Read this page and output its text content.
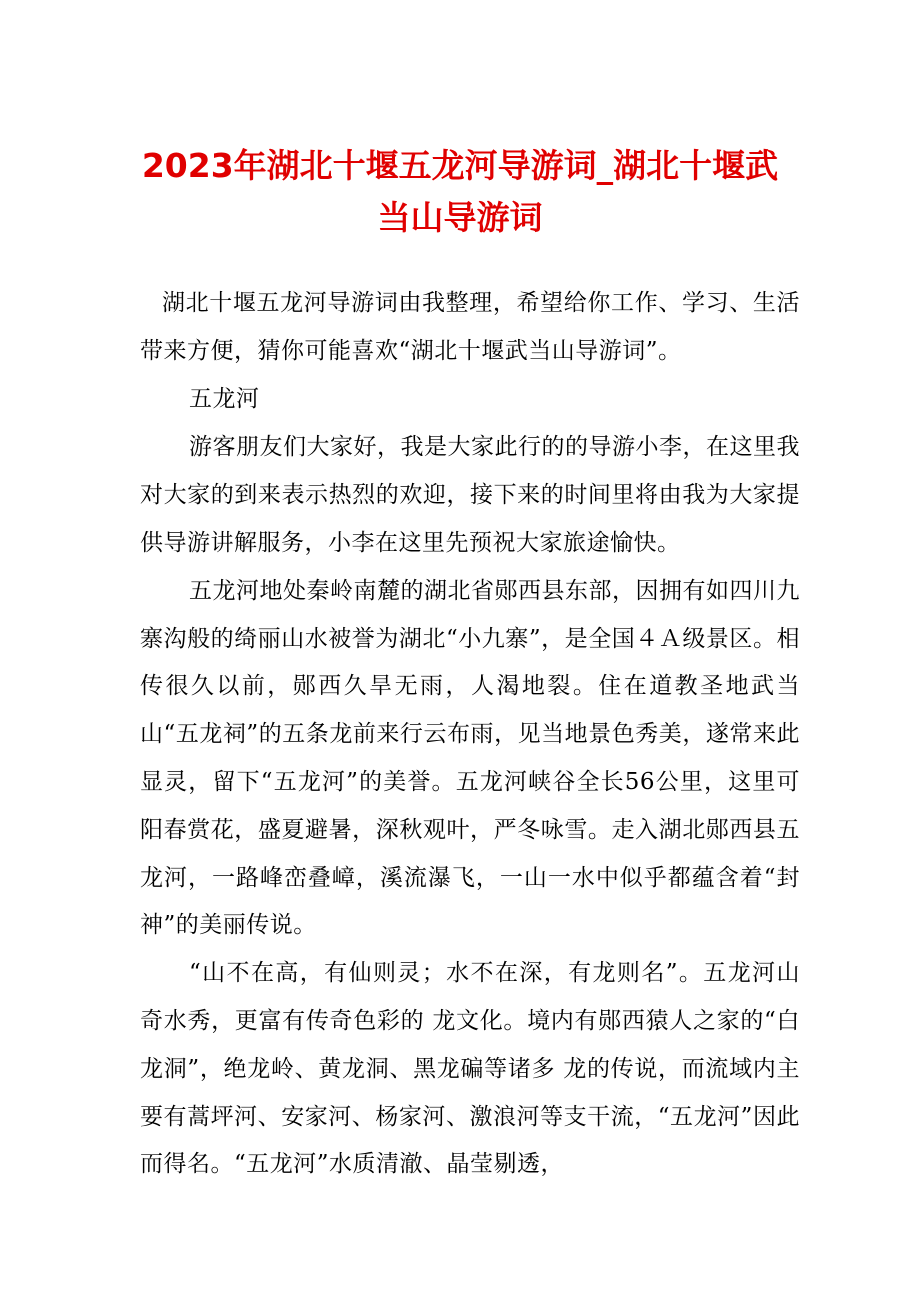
2023年湖北十堰五龙河导游词_湖北十堰武
当山导游词

湖北十堰五龙河导游词由我整理，希望给你工作、学习、生活带来方便，猜你可能喜欢“湖北十堰武当山导游词”。

五龙河

游客朋友们大家好，我是大家此行的的导游小李，在这里我对大家的到来表示热烈的欢迎，接下来的时间里将由我为大家提供导游讲解服务，小李在这里先预祝大家旅途愉快。

五龙河地处秦岭南麓的湖北省郧西县东部，因拥有如四川九寨沟般的绮丽山水被誉为湖北“小九寨”，是全国４Ａ级景区。相传很久以前，郧西久旱无雨，人渴地裂。住在道教圣地武当山“五龙祠”的五条龙前来行云布雨，见当地景色秀美，遂常来此显灵，留下“五龙河”的美誉。五龙河峡谷全长56公里，这里可阳春赏花，盛夏避暑，深秋观叶，严冬咏雪。走入湖北郧西县五龙河，一路峰峦叠嶂，溪流瀑飞，一山一水中似乎都蕴含着“封神”的美丽传说。

“山不在高，有仙则灵；水不在深，有龙则名”。五龙河山奇水秀，更富有传奇色彩的 龙文化。境内有郧西猿人之家的“白龙洞”，绝龙岭、黄龙洞、黑龙碥等诸多 龙的传说，而流域内主要有蒿坪河、安家河、杨家河、激浪河等支干流，“五龙河”因此而得名。“五龙河”水质清澈、晶莹剔透，
